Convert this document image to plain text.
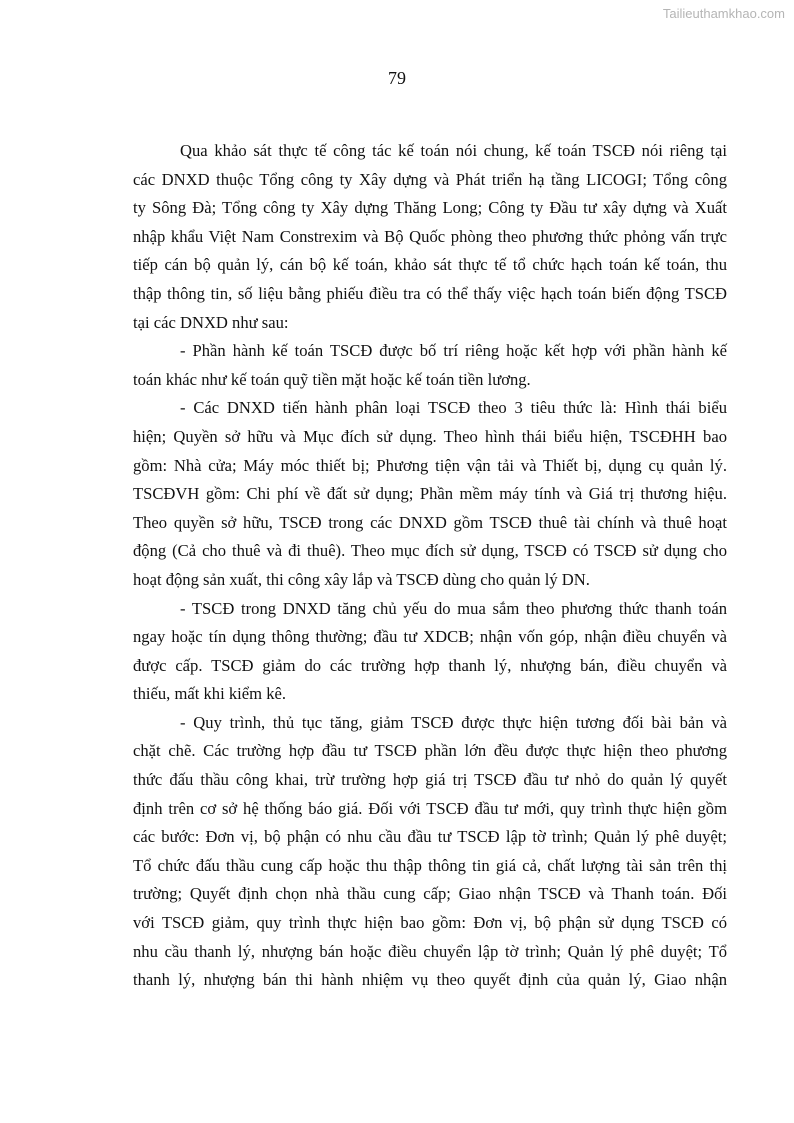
Tailieuthamkhao.com
79
Qua khảo sát thực tế công tác kế toán nói chung, kế toán TSCĐ nói riêng tại
các DNXD thuộc Tổng công ty Xây dựng và Phát triển hạ tầng LICOGI; Tổng công
ty Sông Đà; Tổng công ty Xây dựng Thăng Long; Công ty Đầu tư xây dựng và Xuất
nhập khẩu Việt Nam Constrexim và Bộ Quốc phòng theo phương thức phỏng vấn trực
tiếp cán bộ quản lý, cán bộ kế toán, khảo sát thực tế tổ chức hạch toán kế toán, thu
thập thông tin, số liệu bằng phiếu điều tra có thể thấy việc hạch toán biến động TSCĐ
tại các DNXD như sau:
- Phần hành kế toán TSCĐ được bố trí riêng hoặc kết hợp với phần hành kế
toán khác như kế toán quỹ tiền mặt hoặc kế toán tiền lương.
- Các DNXD tiến hành phân loại TSCĐ theo 3 tiêu thức là: Hình thái biểu
hiện; Quyền sở hữu và Mục đích sử dụng. Theo hình thái biểu hiện, TSCĐHH bao
gồm: Nhà cửa; Máy móc thiết bị; Phương tiện vận tải và Thiết bị, dụng cụ quản lý.
TSCĐVH gồm: Chi phí về đất sử dụng; Phần mềm máy tính và Giá trị thương hiệu.
Theo quyền sở hữu, TSCĐ trong các DNXD gồm TSCĐ thuê tài chính và thuê hoạt
động (Cả cho thuê và đi thuê). Theo mục đích sử dụng, TSCĐ có TSCĐ sử dụng cho
hoạt động sản xuất, thi công xây lắp và TSCĐ dùng cho quản lý DN.
- TSCĐ trong DNXD tăng chủ yếu do mua sắm theo phương thức thanh toán
ngay hoặc tín dụng thông thường; đầu tư XDCB; nhận vốn góp, nhận điều chuyển và
được cấp. TSCĐ giảm do các trường hợp thanh lý, nhượng bán, điều chuyển và
thiếu, mất khi kiểm kê.
- Quy trình, thủ tục tăng, giảm TSCĐ được thực hiện tương đối bài bản và
chặt chẽ. Các trường hợp đầu tư TSCĐ phần lớn đều được thực hiện theo phương
thức đấu thầu công khai, trừ trường hợp giá trị TSCĐ đầu tư nhỏ do quản lý quyết
định trên cơ sở hệ thống báo giá. Đối với TSCĐ đầu tư mới, quy trình thực hiện gồm
các bước: Đơn vị, bộ phận có nhu cầu đầu tư TSCĐ lập tờ trình; Quản lý phê duyệt;
Tổ chức đấu thầu cung cấp hoặc thu thập thông tin giá cả, chất lượng tài sản trên thị
trường; Quyết định chọn nhà thầu cung cấp; Giao nhận TSCĐ và Thanh toán. Đối
với TSCĐ giảm, quy trình thực hiện bao gồm: Đơn vị, bộ phận sử dụng TSCĐ có
nhu cầu thanh lý, nhượng bán hoặc điều chuyển lập tờ trình; Quản lý phê duyệt; Tổ
thanh lý, nhượng bán thi hành nhiệm vụ theo quyết định của quản lý, Giao nhận
